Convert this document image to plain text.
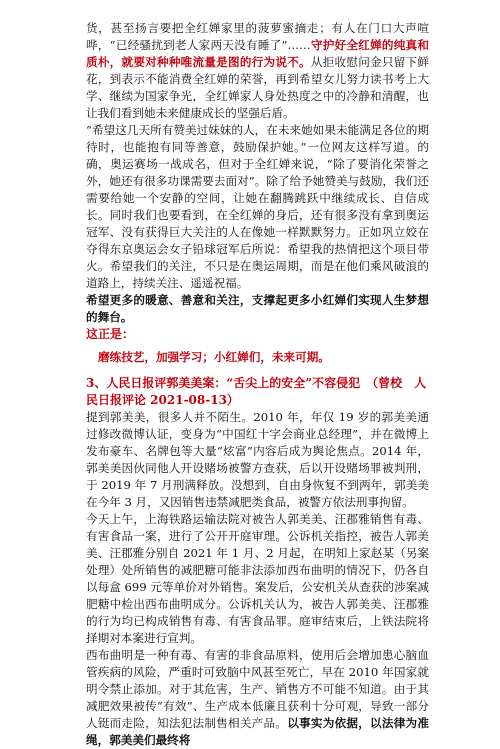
货，甚至扬言要把全红婵家里的菠萝蜜摘走；有人在门口大声喧哗，“已经骚扰到老人家两天没有睡了”……守护好全红婵的纯真和质朴，就要对种种唯流量是图的行为说不。从拒收慰问金只留下鲜花，到表示不能消费全红婵的荣誉，再到希望女儿努力读书考上大学、继续为国家争光，全红婵家人身处热度之中的冷静和清醒，也让我们看到她未来健康成长的坚强后盾。

“希望这几天所有赞美过妹妹的人，在未来她如果未能满足各位的期待时，也能抱有同等善意，鼓励保护她。”一位网友这样写道。的确，奥运赛场一战成名，但对于全红婵来说，“除了要消化荣誉之外，她还有很多功课需要去面对”。除了给予她赞美与鼓励，我们还需要给她一个安静的空间，让她在翻腾跳跃中继续成长、自信成长。同时我们也要看到，在全红婵的身后，还有很多没有拿到奥运冠军、没有获得巨大关注的人在像她一样默默努力。正如巩立姣在夺得东京奥运会女子铅球冠军后所说：希望我的热情把这个项目带火。希望我们的关注，不只是在奥运周期，而是在他们乘风破浪的道路上，持续关注、遥遥祝福。

希望更多的暖意、善意和关注，支撑起更多小红婵们实现人生梦想的舞台。

这正是：

磨练技艺，加强学习；小红婵们，未来可期。

3、人民日报评郭美美案：“舌尖上的安全”不容侵犯　（曾校　人民日报评论 2021-08-13）

提到郭美美，很多人并不陌生。2010 年，年仅 19 岁的郭美美通过修改微博认证，变身为“中国红十字会商业总经理”，并在微博上发布豪车、名牌包等大量“炫富”内容后成为舆论焦点。2014 年，郭美美因伙同他人开设赌场被警方查获，后以开设赌场罪被判刑，于 2019 年 7 月刑满释放。没想到，自由身恢复不到两年，郭美美在今年 3 月，又因销售违禁减肥类食品，被警方依法刑事拘留。

今天上午，上海铁路运输法院对被告人郭美美、汪郡雅销售有毒、有害食品一案，进行了公开开庭审理。公诉机关指控，被告人郭美美、汪郡雅分别自 2021 年 1 月、2 月起，在明知上家赵某（另案处理）处所销售的减肥糖可能非法添加西布曲明的情况下，仍各自以每盒 699 元等单价对外销售。案发后，公安机关从查获的涉案减肥糖中检出西布曲明成分。公诉机关认为，被告人郭美美、汪郡雅的行为均已构成销售有毒、有害食品罪。庭审结束后，上铁法院将择期对本案进行宣判。

西布曲明是一种有毒、有害的非食品原料，使用后会增加患心脑血管疾病的风险，严重时可致脑中风甚至死亡，早在 2010 年国家就明令禁止添加。对于其危害，生产、销售方不可能不知道。由于其减肥效果被传“有效”、生产成本低廉且获利十分可观，导致一部分人铤而走险，知法犯法制售相关产品。以事实为依据，以法律为准绳，郭美美们最终将
